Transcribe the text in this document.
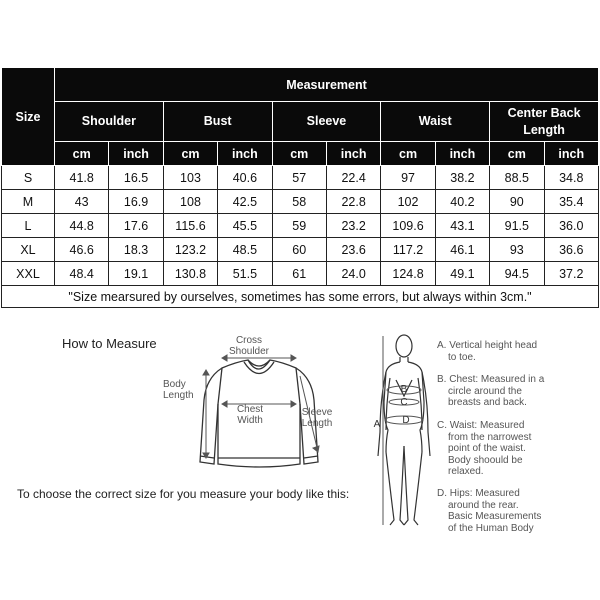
Size	Measurement									
	Shoulder		Bust		Sleeve		Waist		Center Back Length	
	cm	inch	cm	inch	cm	inch	cm	inch	cm	inch
S	41.8	16.5	103	40.6	57	22.4	97	38.2	88.5	34.8
M	43	16.9	108	42.5	58	22.8	102	40.2	90	35.4
L	44.8	17.6	115.6	45.5	59	23.2	109.6	43.1	91.5	36.0
XL	46.6	18.3	123.2	48.5	60	23.6	117.2	46.1	93	36.6
XXL	48.4	19.1	130.8	51.5	61	24.0	124.8	49.1	94.5	37.2
"Size mearsured by ourselves, sometimes has some errors, but always within 3cm."										
How to Measure
To choose the correct size for you measure your body like this:
Cross
Shoulder
Body
Length
Chest
Width
Sleeve
Length
B
C
D
A
A. Vertical height head
to toe.
B. Chest: Measured in a
circle around the
breasts and back.
C. Waist: Measured
from the narrowest
point of the waist.
Body shoould be
relaxed.
D. Hips: Measured
around the rear.
Basic Measurements
of the Human Body
